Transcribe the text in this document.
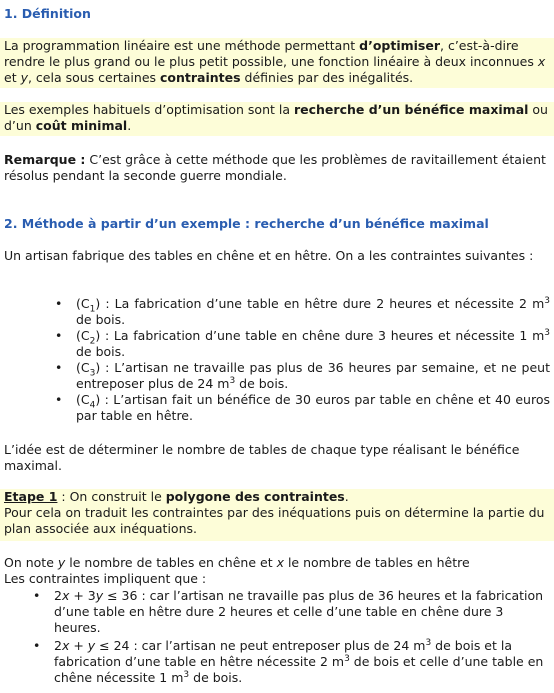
1. Définition
La programmation linéaire est une méthode permettant d’optimiser, c’est-à-dire rendre le plus grand ou le plus petit possible, une fonction linéaire à deux inconnues x et y, cela sous certaines contraintes définies par des inégalités.
Les exemples habituels d’optimisation sont la recherche d’un bénéfice maximal ou d’un coût minimal.
Remarque : C’est grâce à cette méthode que les problèmes de ravitaillement étaient résolus pendant la seconde guerre mondiale.
2. Méthode à partir d’un exemple : recherche d’un bénéfice maximal
Un artisan fabrique des tables en chêne et en hêtre. On a les contraintes suivantes :
• $(C_1)$ : La fabrication d’une table en hêtre dure 2 heures et nécessite 2 $m^3$ de bois.
• $(C_2)$ : La fabrication d’une table en chêne dure 3 heures et nécessite 1 $m^3$ de bois.
• $(C_3)$ : L’artisan ne travaille pas plus de 36 heures par semaine, et ne peut entreposer plus de 24 $m^3$ de bois.
• $(C_4)$ : L’artisan fait un bénéfice de 30 euros par table en chêne et 40 euros par table en hêtre.
L’idée est de déterminer le nombre de tables de chaque type réalisant le bénéfice maximal.
Etape 1 : On construit le polygone des contraintes.
Pour cela on traduit les contraintes par des inéquations puis on détermine la partie du plan associée aux inéquations.
On note y le nombre de tables en chêne et x le nombre de tables en hêtre
Les contraintes impliquent que :
• 2x + 3y ≤ 36 : car l’artisan ne travaille pas plus de 36 heures et la fabrication d’une table en hêtre dure 2 heures et celle d’une table en chêne dure 3 heures.
• 2x + y ≤ 24 : car l’artisan ne peut entreposer plus de 24 $m^3$ de bois et la fabrication d’une table en hêtre nécessite 2 $m^3$ de bois et celle d’une table en chêne nécessite 1 $m^3$ de bois.
